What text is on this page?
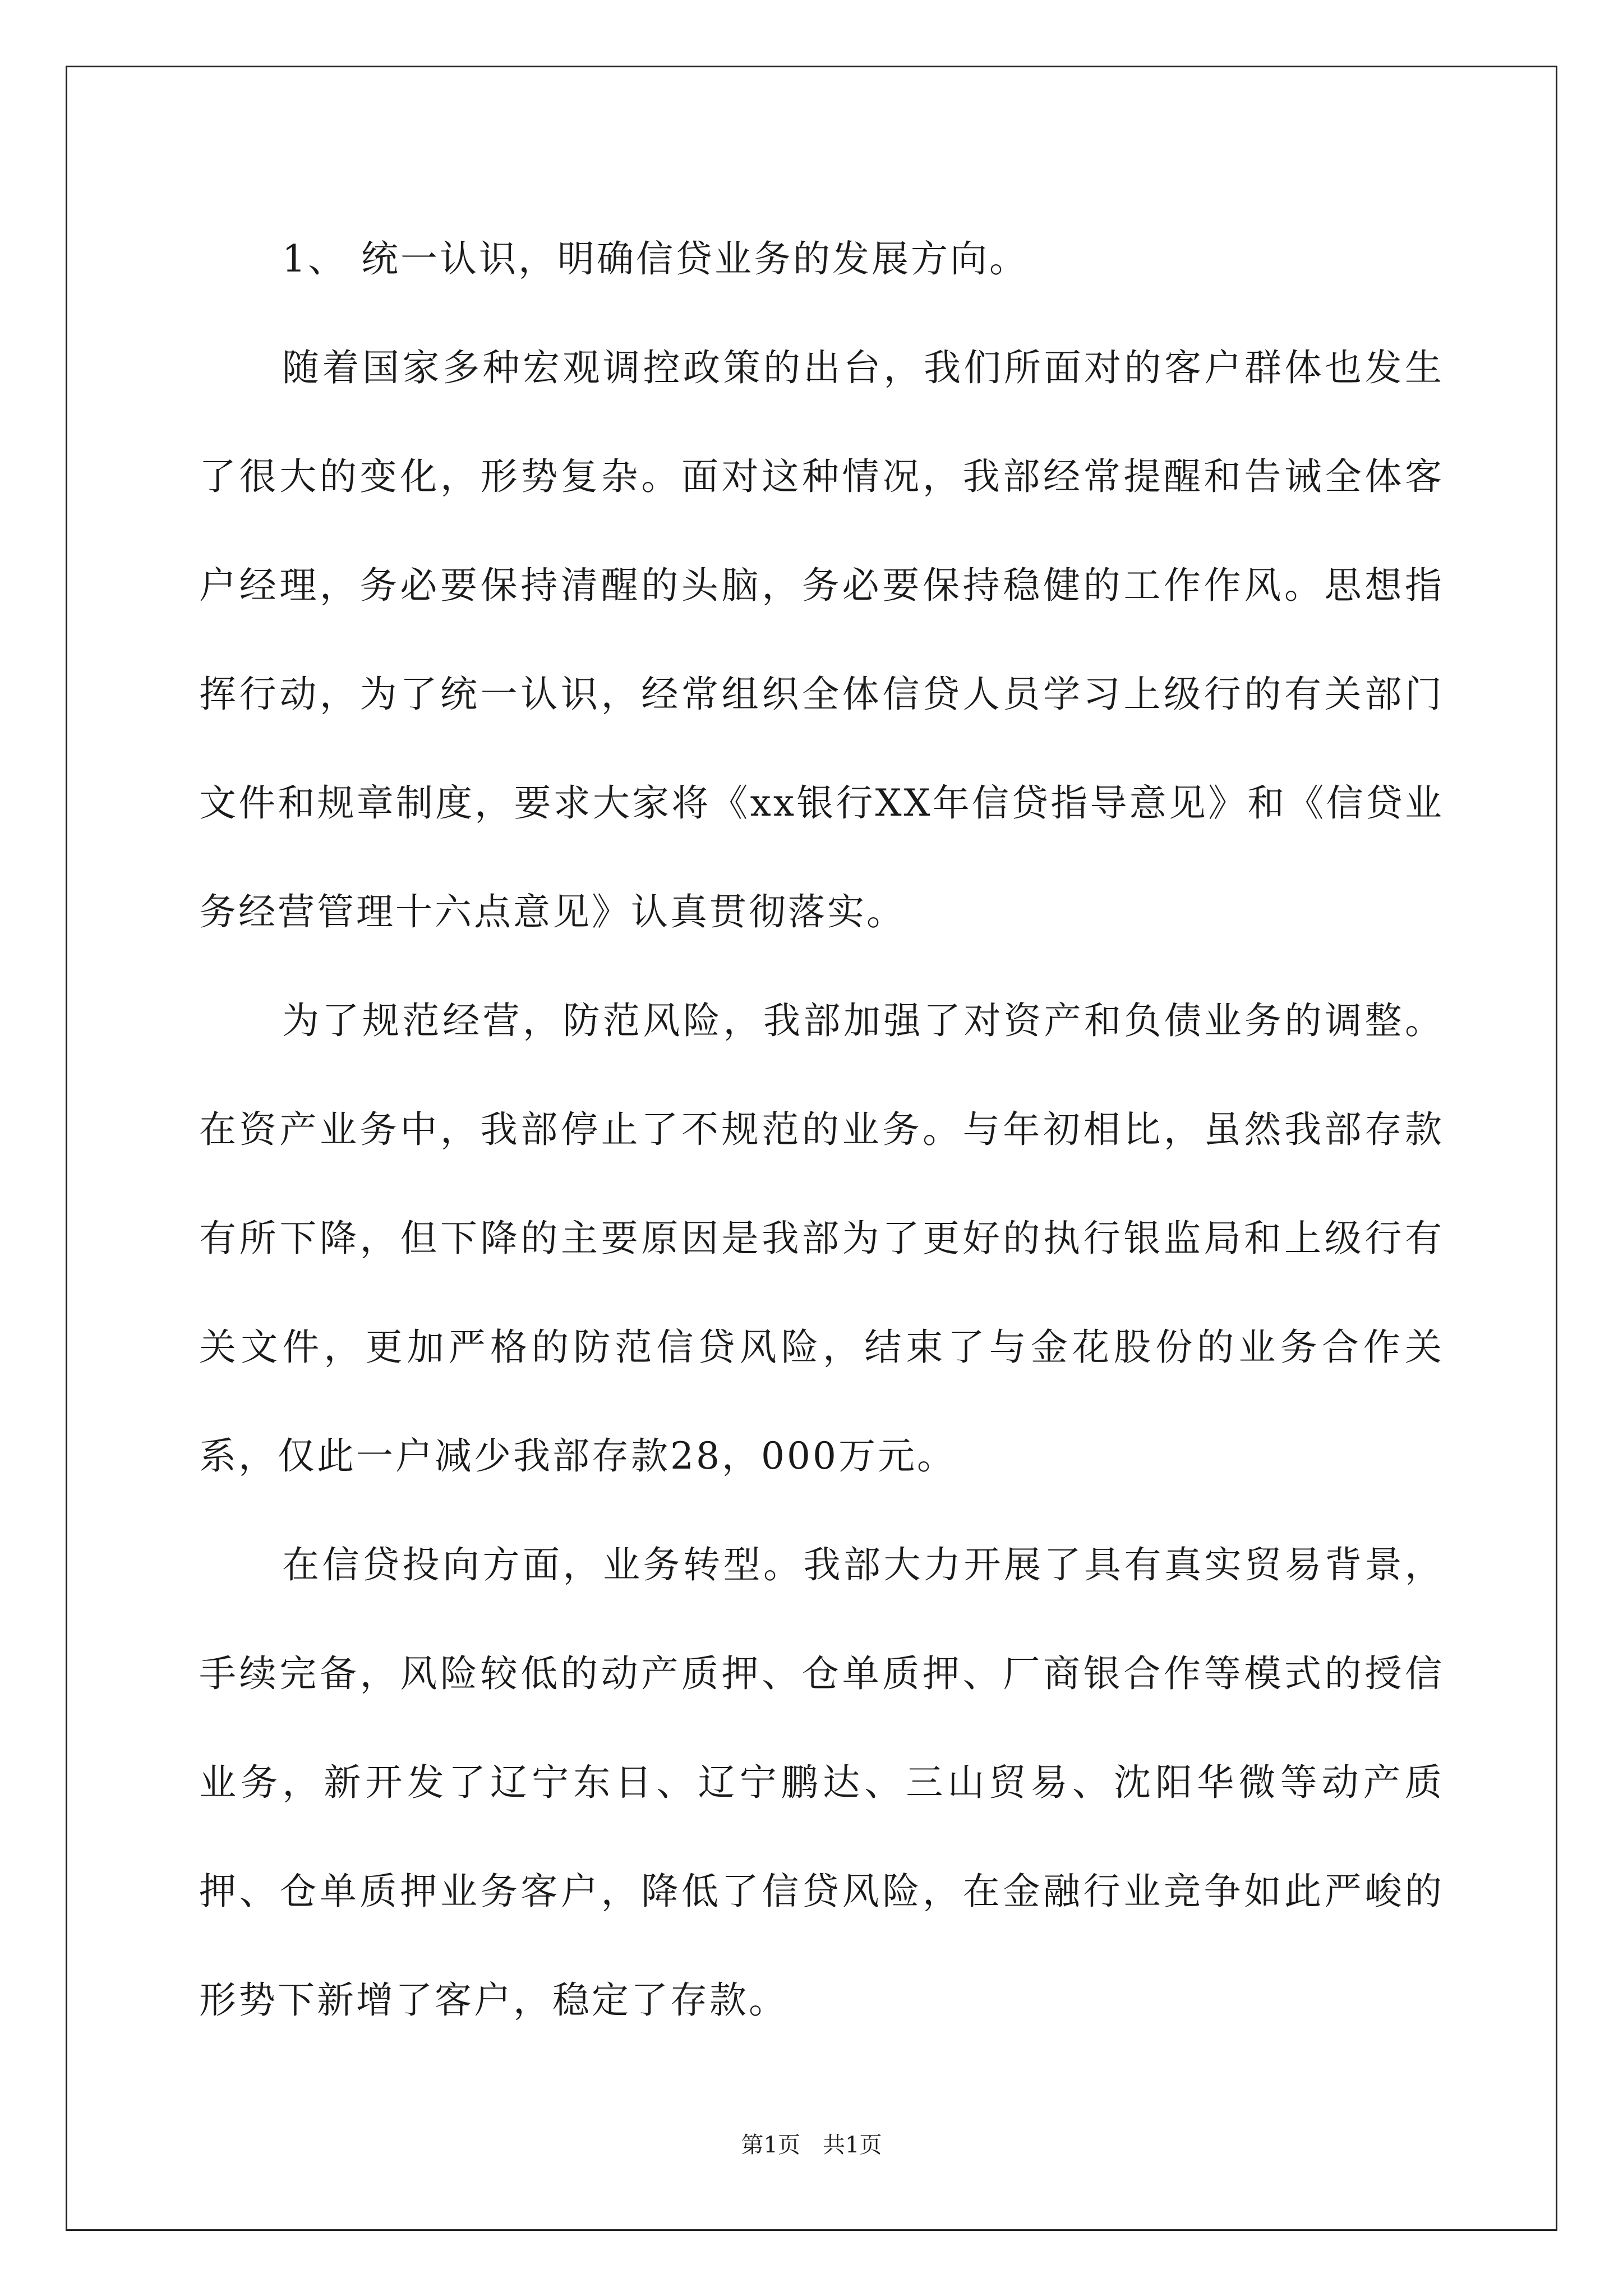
1、 统一认识，明确信贷业务的发展方向。

随着国家多种宏观调控政策的出台，我们所面对的客户群体也发生了很大的变化，形势复杂。面对这种情况，我部经常提醒和告诫全体客户经理，务必要保持清醒的头脑，务必要保持稳健的工作作风。思想指挥行动，为了统一认识，经常组织全体信贷人员学习上级行的有关部门文件和规章制度，要求大家将《xx银行XX年信贷指导意见》和《信贷业务经营管理十六点意见》认真贯彻落实。

为了规范经营，防范风险，我部加强了对资产和负债业务的调整。在资产业务中，我部停止了不规范的业务。与年初相比，虽然我部存款有所下降，但下降的主要原因是我部为了更好的执行银监局和上级行有关文件，更加严格的防范信贷风险，结束了与金花股份的业务合作关系，仅此一户减少我部存款28，000万元。

在信贷投向方面，业务转型。我部大力开展了具有真实贸易背景，手续完备，风险较低的动产质押、仓单质押、厂商银合作等模式的授信业务，新开发了辽宁东日、辽宁鹏达、三山贸易、沈阳华微等动产质押、仓单质押业务客户，降低了信贷风险，在金融行业竞争如此严峻的形势下新增了客户，稳定了存款。

第1页　共1页
